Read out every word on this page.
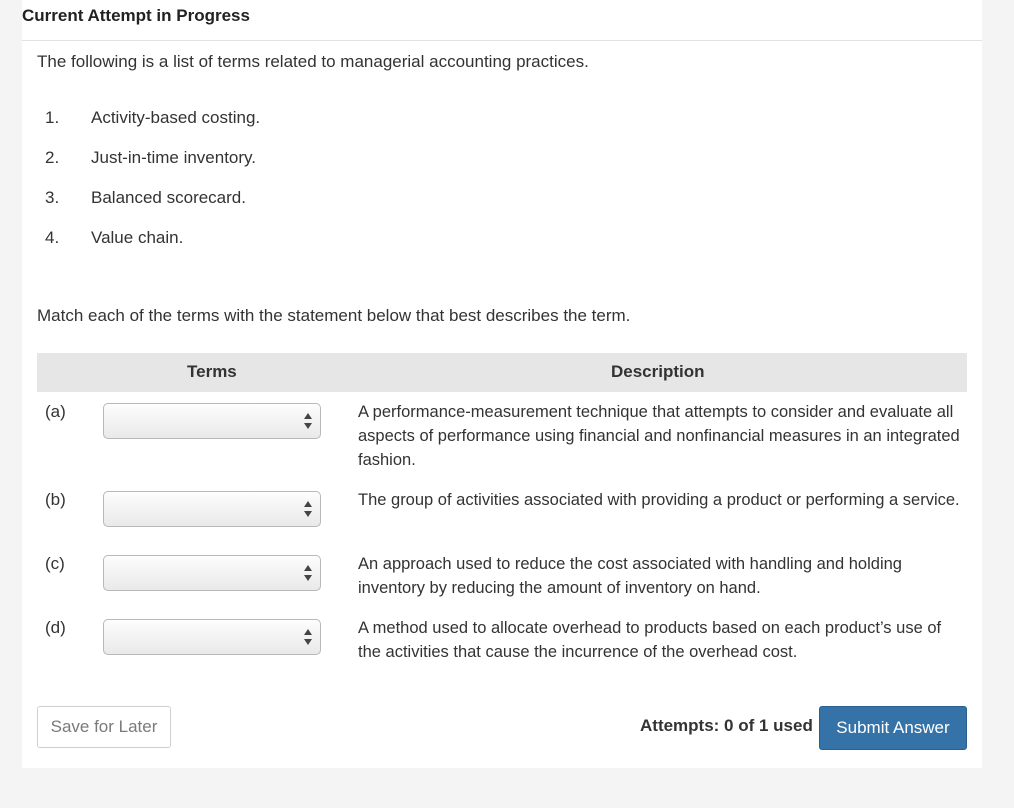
Current Attempt in Progress
The following is a list of terms related to managerial accounting practices.
1.	Activity-based costing.
2.	Just-in-time inventory.
3.	Balanced scorecard.
4.	Value chain.
Match each of the terms with the statement below that best describes the term.
Terms	Description
(a)	A performance-measurement technique that attempts to consider and evaluate all aspects of performance using financial and nonfinancial measures in an integrated fashion.
(b)	The group of activities associated with providing a product or performing a service.
(c)	An approach used to reduce the cost associated with handling and holding inventory by reducing the amount of inventory on hand.
(d)	A method used to allocate overhead to products based on each product’s use of the activities that cause the incurrence of the overhead cost.
Save for Later	Attempts: 0 of 1 used	Submit Answer
